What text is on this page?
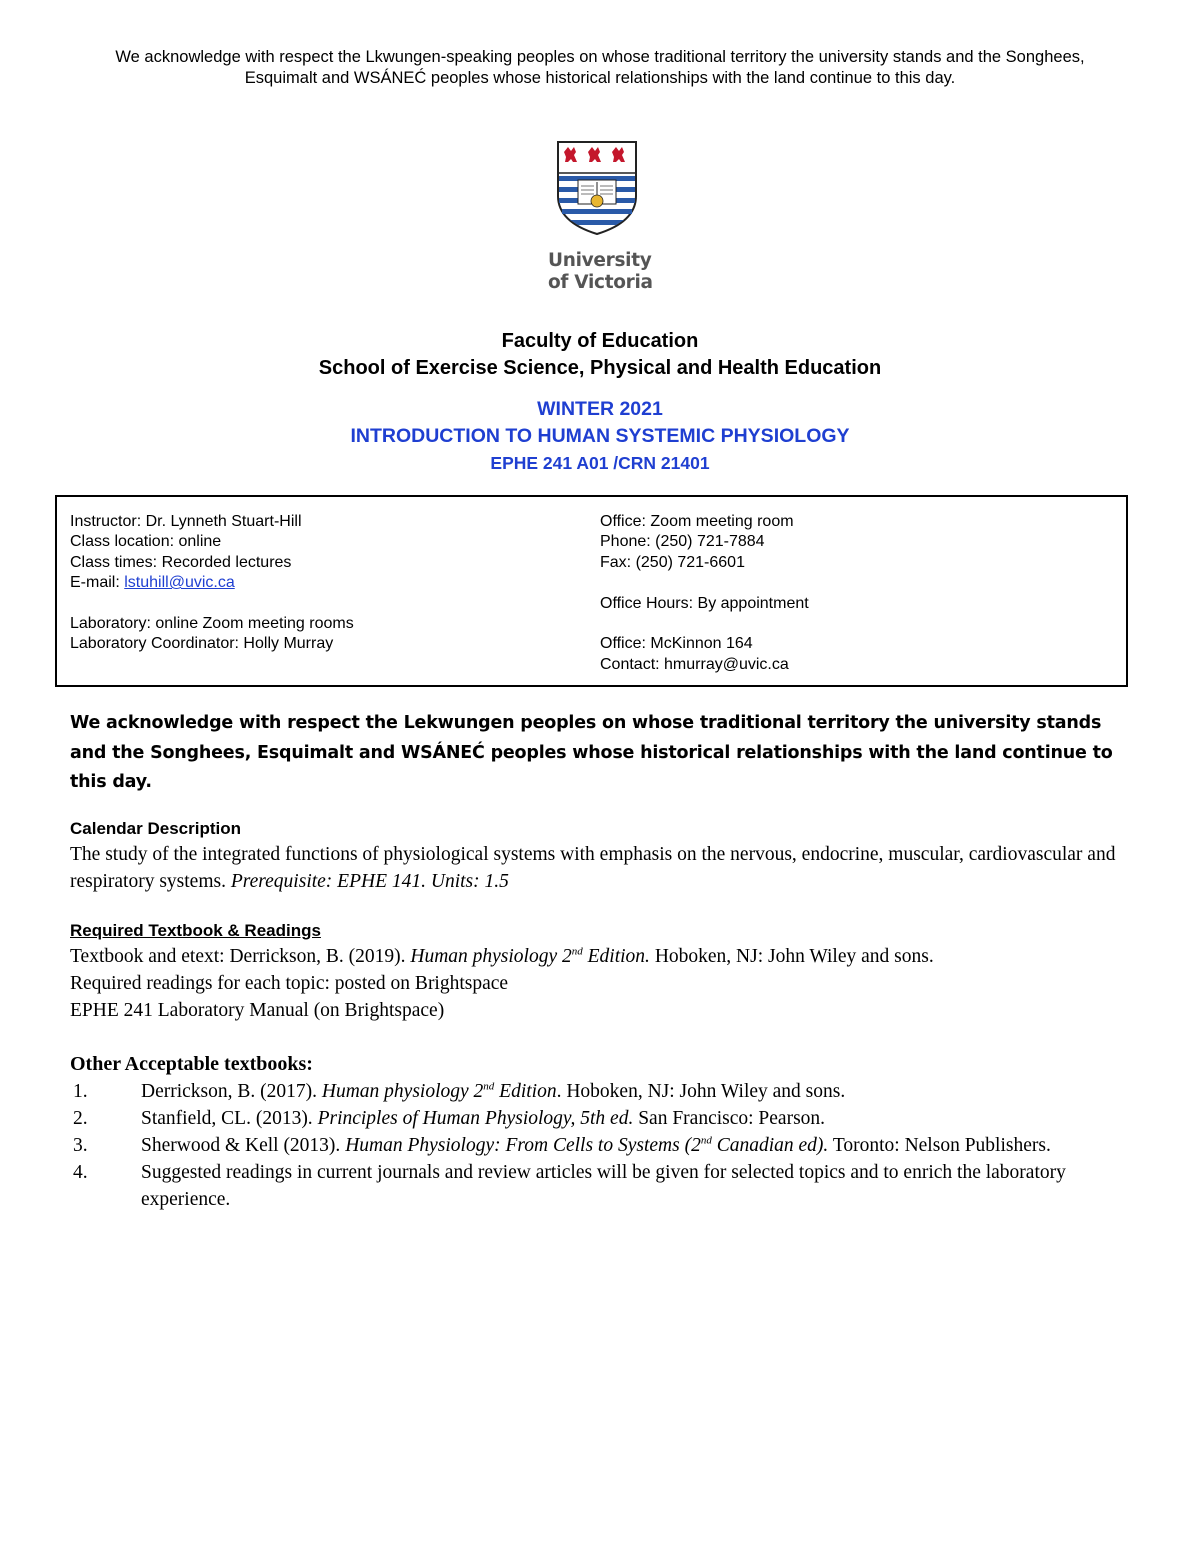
We acknowledge with respect the Lkwungen-speaking peoples on whose traditional territory the university stands and the Songhees,
Esquimalt and WSÁNEĆ peoples whose historical relationships with the land continue to this day.
University
of Victoria
Faculty of Education
School of Exercise Science, Physical and Health Education
WINTER 2021
INTRODUCTION TO HUMAN SYSTEMIC PHYSIOLOGY
EPHE 241 A01 /CRN 21401
Instructor: Dr. Lynneth Stuart-Hill
Class location: online
Class times: Recorded lectures
E-mail: lstuhill@uvic.ca
Laboratory: online Zoom meeting rooms
Laboratory Coordinator: Holly Murray
Office: Zoom meeting room
Phone: (250) 721-7884
Fax: (250) 721-6601
Office Hours: By appointment
Office: McKinnon 164
Contact: hmurray@uvic.ca
We acknowledge with respect the Lekwungen peoples on whose traditional territory the university stands and the Songhees, Esquimalt and WSÁNEĆ peoples whose historical relationships with the land continue to this day.
Calendar Description
The study of the integrated functions of physiological systems with emphasis on the nervous, endocrine, muscular, cardiovascular and respiratory systems. Prerequisite: EPHE 141. Units: 1.5
Required Textbook & Readings
Textbook and etext: Derrickson, B. (2019). Human physiology 2nd Edition. Hoboken, NJ: John Wiley and sons.
Required readings for each topic: posted on Brightspace
EPHE 241 Laboratory Manual (on Brightspace)
Other Acceptable textbooks:
1.	Derrickson, B. (2017). Human physiology 2nd Edition. Hoboken, NJ: John Wiley and sons.
2.	Stanfield, CL. (2013). Principles of Human Physiology, 5th ed. San Francisco: Pearson.
3.	Sherwood & Kell (2013). Human Physiology: From Cells to Systems (2nd Canadian ed). Toronto: Nelson Publishers.
4.	Suggested readings in current journals and review articles will be given for selected topics and to enrich the laboratory experience.
